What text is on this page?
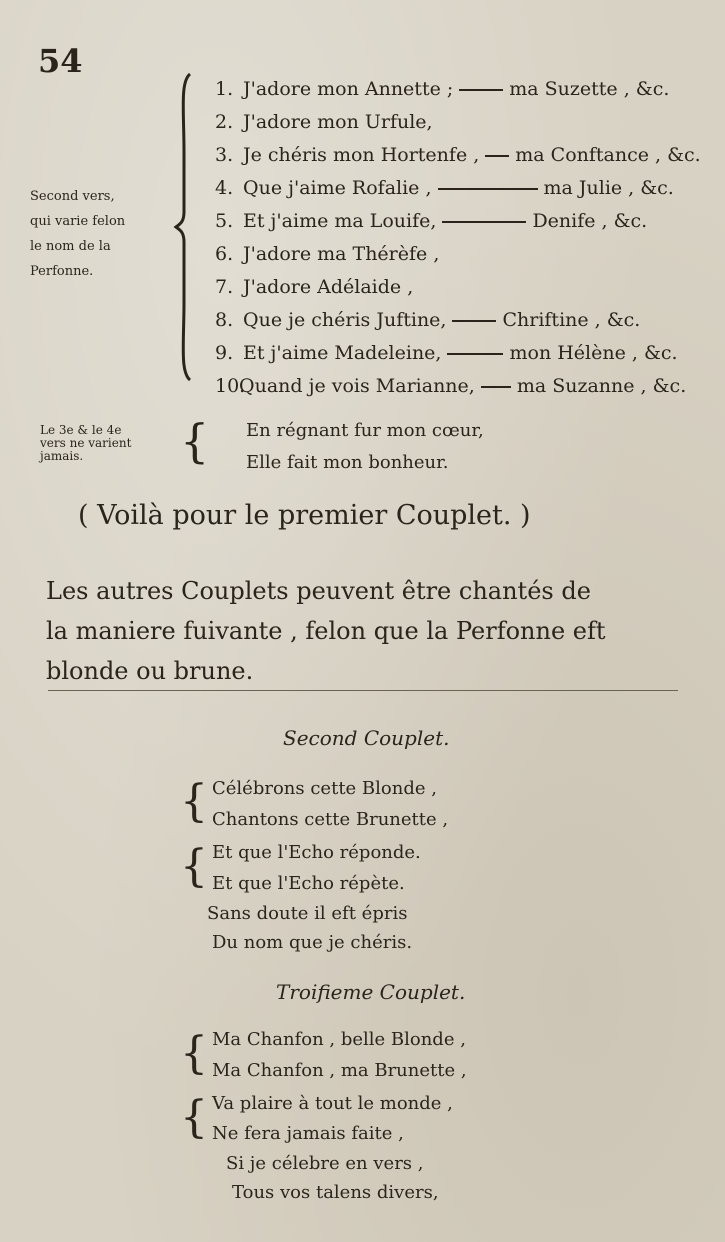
54
Second vers,
qui varie felon
le nom de la
Perfonne.
1. J'adore mon Annette ;	ma Suzette , &c.
2. J'adore mon Urfule,
3. Je chéris mon Hortenfe , ma Conftance , &c.
4. Que j'aime Rofalie ,	ma Julie , &c.
5. Et j'aime ma Louife,	Denife , &c.
6. J'adore ma Thérèfe ,
7. J'adore Adélaide ,
8. Que je chéris Juftine,	Chriftine , &c.
9. Et j'aime Madeleine,	mon Hélène , &c.
10.Quand je vois Marianne, ma Suzanne , &c.
Le 3e & le 4e
vers ne varient
jamais. { En régnant fur mon cœur,
Elle fait mon bonheur.
( Voilà pour le premier Couplet. )
Les autres Couplets peuvent être chantés de
la maniere fuivante , felon que la Perfonne eft
blonde ou brune.
Second Couplet.
{ Célébrons cette Blonde ,
Chantons cette Brunette ,
{ Et que l'Echo réponde.
Et que l'Echo répète.
Sans doute il eft épris
Du nom que je chéris.
Troifieme Couplet.
{ Ma Chanfon , belle Blonde ,
Ma Chanfon , ma Brunette ,
{ Va plaire à tout le monde ,
Ne fera jamais faite ,
Si je célebre en vers ,
Tous vos talens divers,
